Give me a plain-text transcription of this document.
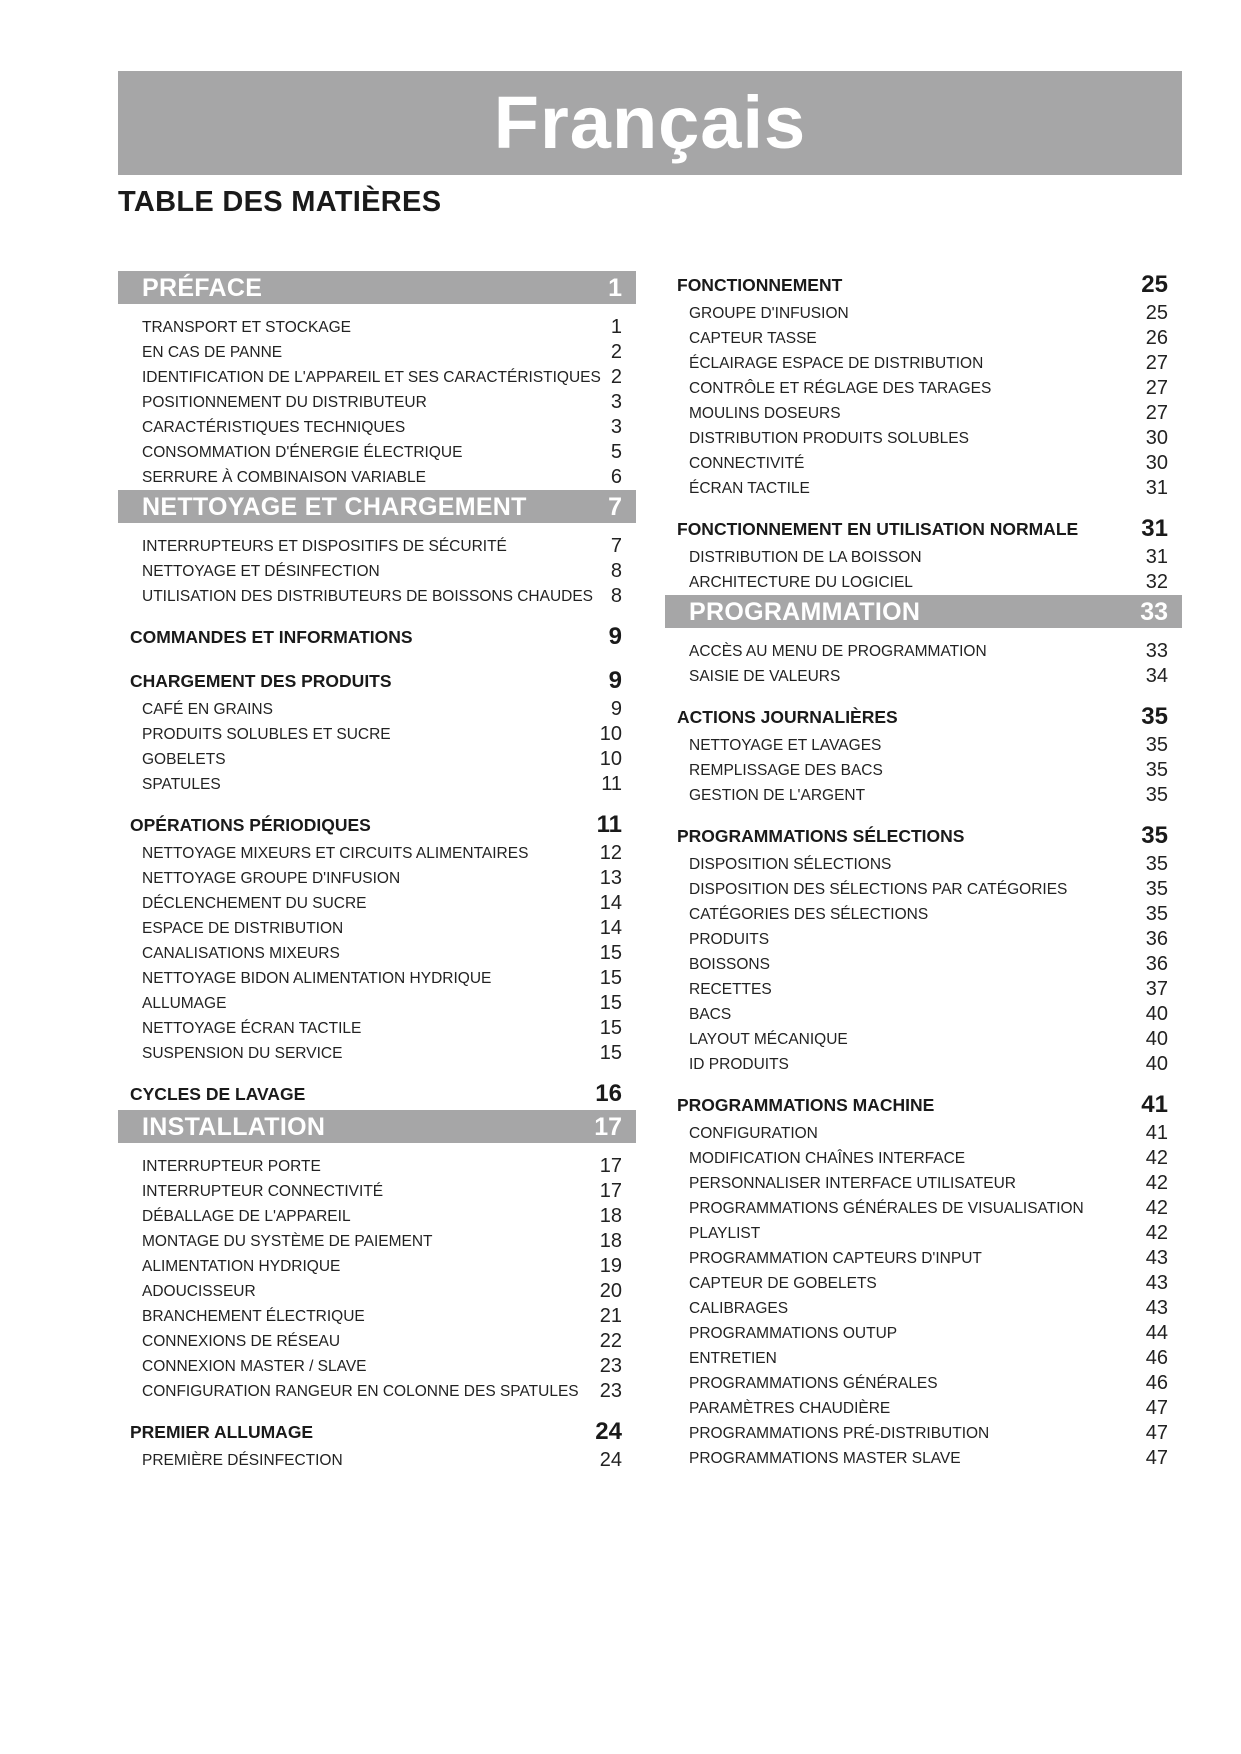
Français
TABLE DES MATIÈRES
PRÉFACE	1
TRANSPORT ET STOCKAGE	1
EN CAS DE PANNE	2
IDENTIFICATION DE L'APPAREIL ET SES CARACTÉRISTIQUES 2
POSITIONNEMENT DU DISTRIBUTEUR	3
CARACTÉRISTIQUES TECHNIQUES	3
CONSOMMATION D'ÉNERGIE ÉLECTRIQUE	5
SERRURE À COMBINAISON VARIABLE	6
NETTOYAGE ET CHARGEMENT	7
INTERRUPTEURS ET DISPOSITIFS DE SÉCURITÉ	7
NETTOYAGE ET DÉSINFECTION	8
UTILISATION DES DISTRIBUTEURS DE BOISSONS CHAUDES 8
COMMANDES ET INFORMATIONS	9
CHARGEMENT DES PRODUITS	9
CAFÉ EN GRAINS	9
PRODUITS SOLUBLES ET SUCRE	10
GOBELETS	10
SPATULES	11
OPÉRATIONS PÉRIODIQUES	11
NETTOYAGE MIXEURS ET CIRCUITS ALIMENTAIRES	12
NETTOYAGE GROUPE D'INFUSION	13
DÉCLENCHEMENT DU SUCRE	14
ESPACE DE DISTRIBUTION	14
CANALISATIONS MIXEURS	15
NETTOYAGE BIDON ALIMENTATION HYDRIQUE	15
ALLUMAGE	15
NETTOYAGE ÉCRAN TACTILE	15
SUSPENSION DU SERVICE	15
CYCLES DE LAVAGE	16
INSTALLATION	17
INTERRUPTEUR PORTE	17
INTERRUPTEUR CONNECTIVITÉ	17
DÉBALLAGE DE L'APPAREIL	18
MONTAGE DU SYSTÈME DE PAIEMENT	18
ALIMENTATION HYDRIQUE	19
ADOUCISSEUR	20
BRANCHEMENT ÉLECTRIQUE	21
CONNEXIONS DE RÉSEAU	22
CONNEXION MASTER / SLAVE	23
CONFIGURATION RANGEUR EN COLONNE DES SPATULES 23
PREMIER ALLUMAGE	24
PREMIÈRE DÉSINFECTION	24
FONCTIONNEMENT	25
GROUPE D'INFUSION	25
CAPTEUR TASSE	26
ÉCLAIRAGE ESPACE DE DISTRIBUTION	27
CONTRÔLE ET RÉGLAGE DES TARAGES	27
MOULINS DOSEURS	27
DISTRIBUTION PRODUITS SOLUBLES	30
CONNECTIVITÉ	30
ÉCRAN TACTILE	31
FONCTIONNEMENT EN UTILISATION NORMALE	31
DISTRIBUTION DE LA BOISSON	31
ARCHITECTURE DU LOGICIEL	32
PROGRAMMATION	33
ACCÈS AU MENU DE PROGRAMMATION	33
SAISIE DE VALEURS	34
ACTIONS JOURNALIÈRES	35
NETTOYAGE ET LAVAGES	35
REMPLISSAGE DES BACS	35
GESTION DE L'ARGENT	35
PROGRAMMATIONS SÉLECTIONS	35
DISPOSITION SÉLECTIONS	35
DISPOSITION DES SÉLECTIONS PAR CATÉGORIES	35
CATÉGORIES DES SÉLECTIONS	35
PRODUITS	36
BOISSONS	36
RECETTES	37
BACS	40
LAYOUT MÉCANIQUE	40
ID PRODUITS	40
PROGRAMMATIONS MACHINE	41
CONFIGURATION	41
MODIFICATION CHAÎNES INTERFACE	42
PERSONNALISER INTERFACE UTILISATEUR	42
PROGRAMMATIONS GÉNÉRALES DE VISUALISATION	42
PLAYLIST	42
PROGRAMMATION CAPTEURS D'INPUT	43
CAPTEUR DE GOBELETS	43
CALIBRAGES	43
PROGRAMMATIONS OUTUP	44
ENTRETIEN	46
PROGRAMMATIONS GÉNÉRALES	46
PARAMÈTRES CHAUDIÈRE	47
PROGRAMMATIONS PRÉ-DISTRIBUTION	47
PROGRAMMATIONS MASTER SLAVE	47
